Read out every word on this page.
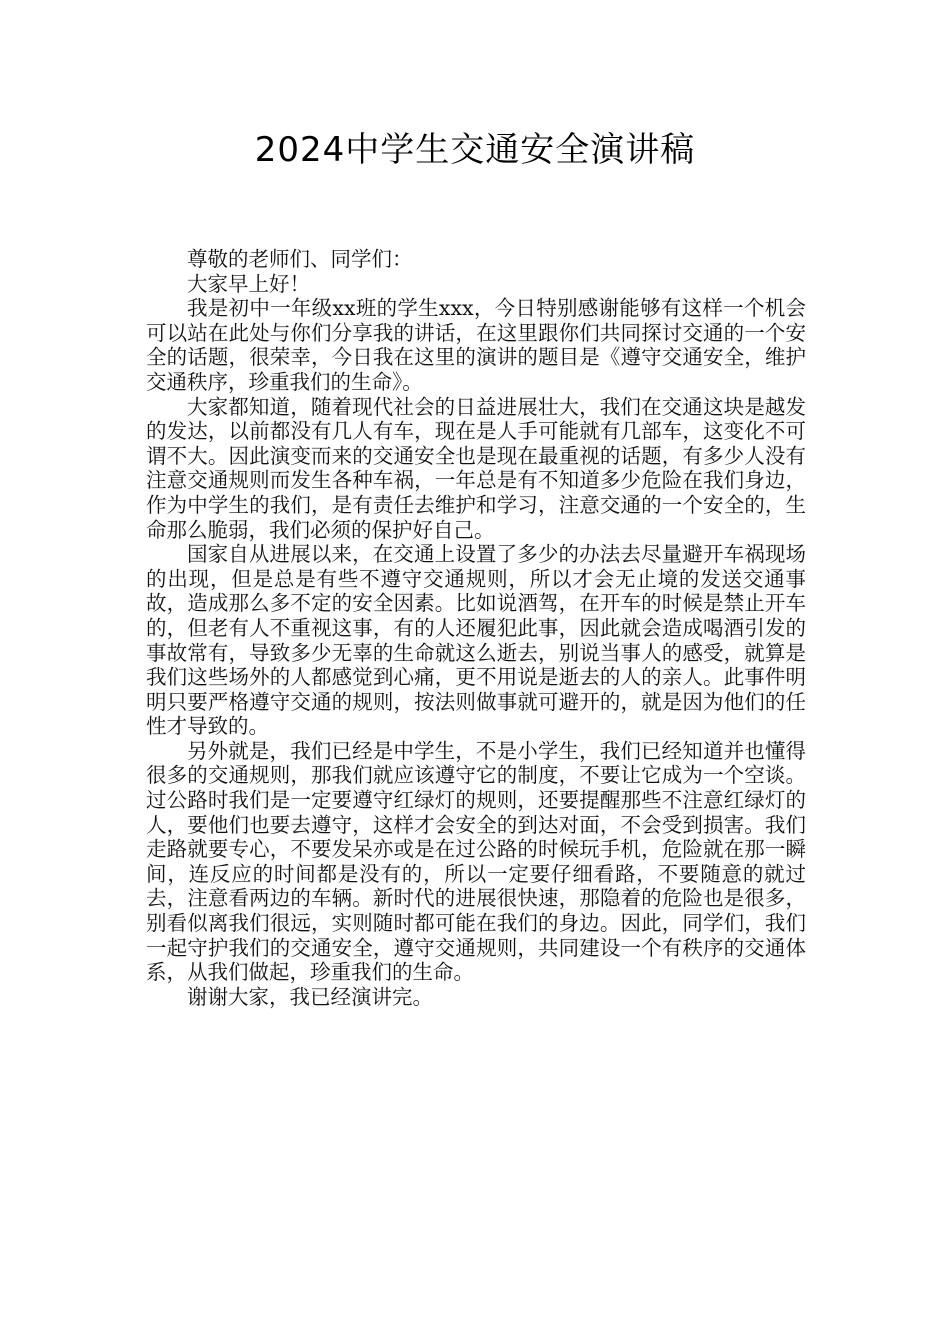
2024中学生交通安全演讲稿

尊敬的老师们、同学们：

大家早上好！

我是初中一年级xx班的学生xxx，今日特别感谢能够有这样一个机会可以站在此处与你们分享我的讲话，在这里跟你们共同探讨交通的一个安全的话题，很荣幸，今日我在这里的演讲的题目是《遵守交通安全，维护交通秩序，珍重我们的生命》。

大家都知道，随着现代社会的日益进展壮大，我们在交通这块是越发的发达，以前都没有几人有车，现在是人手可能就有几部车，这变化不可谓不大。因此演变而来的交通安全也是现在最重视的话题，有多少人没有注意交通规则而发生各种车祸，一年总是有不知道多少危险在我们身边，作为中学生的我们，是有责任去维护和学习，注意交通的一个安全的，生命那么脆弱，我们必须的保护好自己。

国家自从进展以来，在交通上设置了多少的办法去尽量避开车祸现场的出现，但是总是有些不遵守交通规则，所以才会无止境的发送交通事故，造成那么多不定的安全因素。比如说酒驾，在开车的时候是禁止开车的，但老有人不重视这事，有的人还履犯此事，因此就会造成喝酒引发的事故常有，导致多少无辜的生命就这么逝去，别说当事人的感受，就算是我们这些场外的人都感觉到心痛，更不用说是逝去的人的亲人。此事件明明只要严格遵守交通的规则，按法则做事就可避开的，就是因为他们的任性才导致的。

另外就是，我们已经是中学生，不是小学生，我们已经知道并也懂得很多的交通规则，那我们就应该遵守它的制度，不要让它成为一个空谈。过公路时我们是一定要遵守红绿灯的规则，还要提醒那些不注意红绿灯的人，要他们也要去遵守，这样才会安全的到达对面，不会受到损害。我们走路就要专心，不要发呆亦或是在过公路的时候玩手机，危险就在那一瞬间，连反应的时间都是没有的，所以一定要仔细看路，不要随意的就过去，注意看两边的车辆。新时代的进展很快速，那隐着的危险也是很多，别看似离我们很远，实则随时都可能在我们的身边。因此，同学们，我们一起守护我们的交通安全，遵守交通规则，共同建设一个有秩序的交通体系，从我们做起，珍重我们的生命。

谢谢大家，我已经演讲完。
